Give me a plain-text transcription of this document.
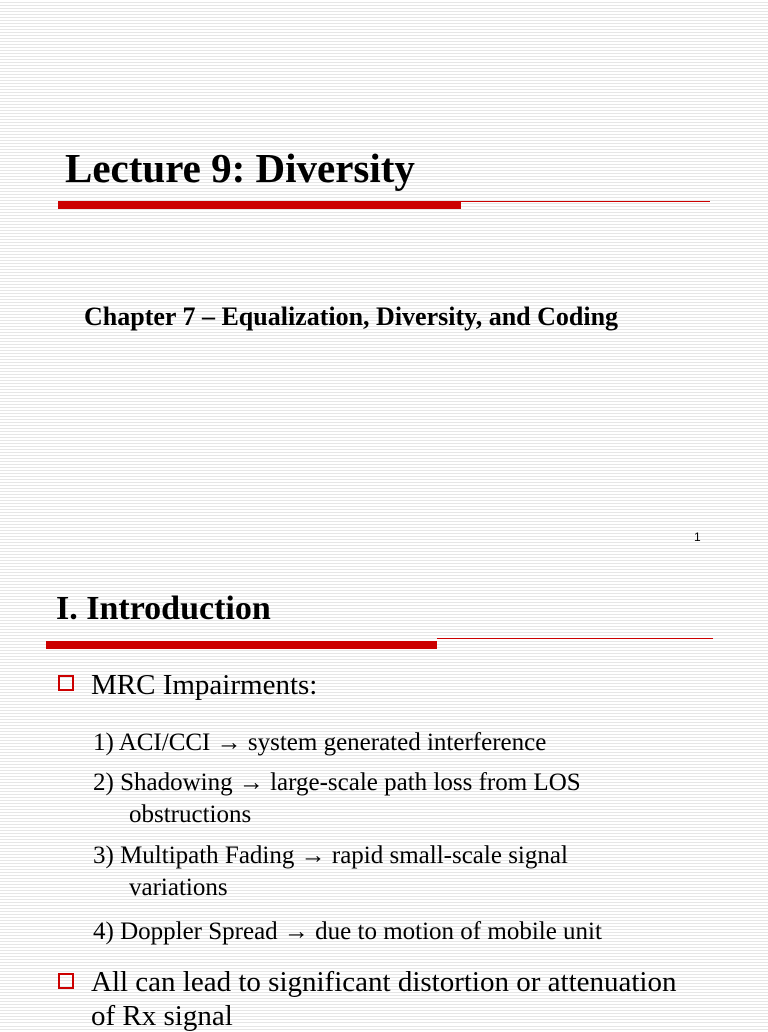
Lecture 9: Diversity
Chapter 7 – Equalization, Diversity, and Coding
1
I. Introduction
MRC Impairments:
1) ACI/CCI → system generated interference
2) Shadowing → large-scale path loss from LOS
obstructions
3) Multipath Fading → rapid small-scale signal
variations
4) Doppler Spread → due to motion of mobile unit
All can lead to significant distortion or attenuation
of Rx signal
